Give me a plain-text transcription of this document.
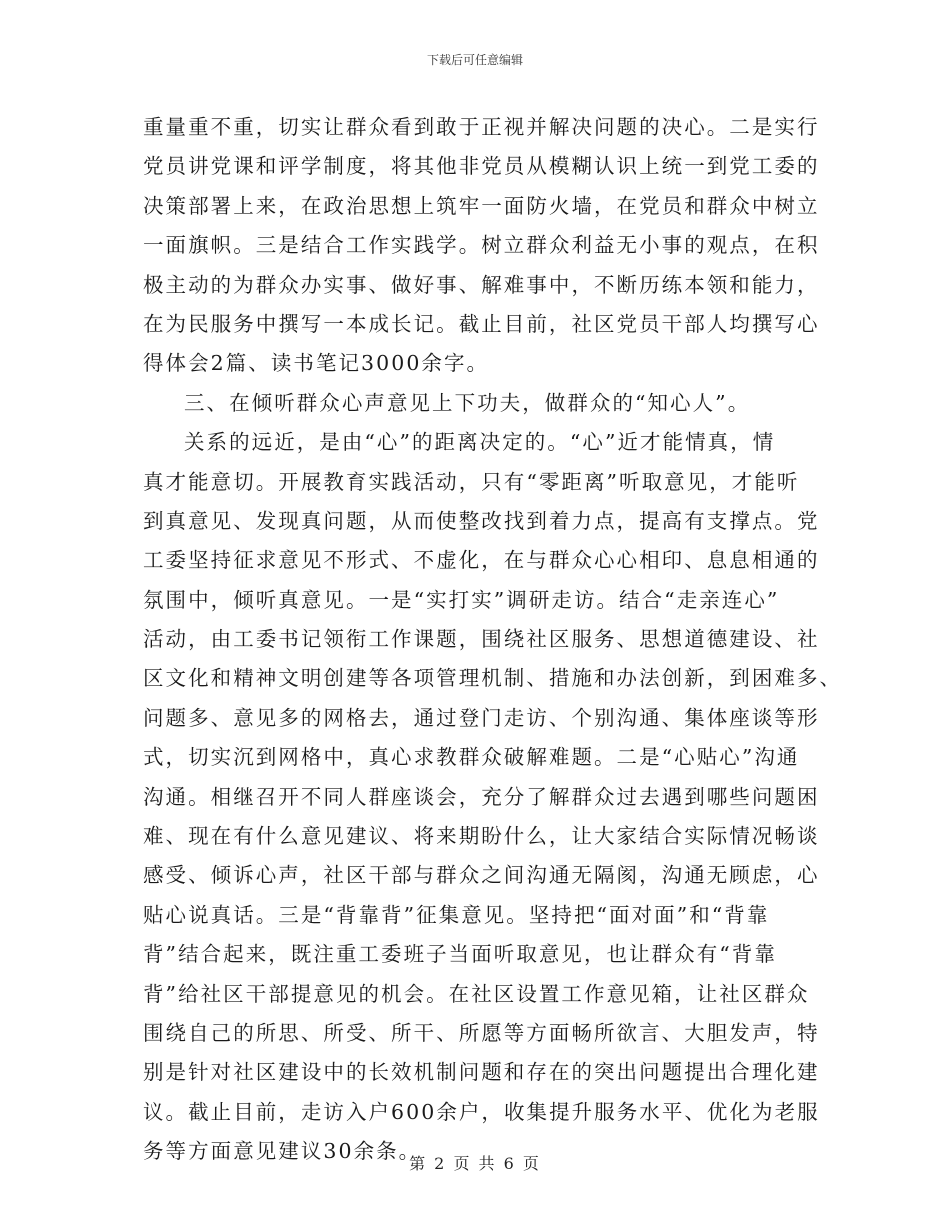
下载后可任意编辑
重量重不重，切实让群众看到敢于正视并解决问题的决心。二是实行
党员讲党课和评学制度，将其他非党员从模糊认识上统一到党工委的
决策部署上来，在政治思想上筑牢一面防火墙，在党员和群众中树立
一面旗帜。三是结合工作实践学。树立群众利益无小事的观点，在积
极主动的为群众办实事、做好事、解难事中，不断历练本领和能力，
在为民服务中撰写一本成长记。截止目前，社区党员干部人均撰写心
得体会2篇、读书笔记3000余字。
三、在倾听群众心声意见上下功夫，做群众的“知心人”。
关系的远近，是由“心”的距离决定的。“心”近才能情真，情
真才能意切。开展教育实践活动，只有“零距离”听取意见，才能听
到真意见、发现真问题，从而使整改找到着力点，提高有支撑点。党
工委坚持征求意见不形式、不虚化，在与群众心心相印、息息相通的
氛围中，倾听真意见。一是“实打实”调研走访。结合“走亲连心”
活动，由工委书记领衔工作课题，围绕社区服务、思想道德建设、社
区文化和精神文明创建等各项管理机制、措施和办法创新，到困难多、
问题多、意见多的网格去，通过登门走访、个别沟通、集体座谈等形
式，切实沉到网格中，真心求教群众破解难题。二是“心贴心”沟通
沟通。相继召开不同人群座谈会，充分了解群众过去遇到哪些问题困
难、现在有什么意见建议、将来期盼什么，让大家结合实际情况畅谈
感受、倾诉心声，社区干部与群众之间沟通无隔阂，沟通无顾虑，心
贴心说真话。三是“背靠背”征集意见。坚持把“面对面”和“背靠
背”结合起来，既注重工委班子当面听取意见，也让群众有“背靠
背”给社区干部提意见的机会。在社区设置工作意见箱，让社区群众
围绕自己的所思、所受、所干、所愿等方面畅所欲言、大胆发声，特
别是针对社区建设中的长效机制问题和存在的突出问题提出合理化建
议。截止目前，走访入户600余户，收集提升服务水平、优化为老服
务等方面意见建议30余条。
第 2 页 共 6 页
